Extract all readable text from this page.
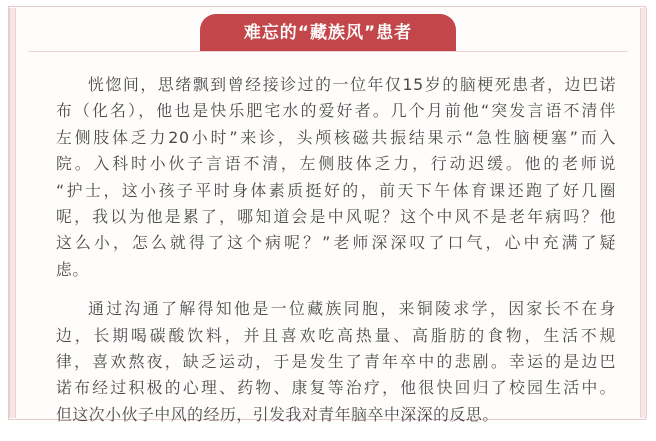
难忘的“藏族风”患者
恍惚间，思绪飘到曾经接诊过的一位年仅15岁的脑梗死患者，边巴诺
布（化名），他也是快乐肥宅水的爱好者。几个月前他“突发言语不清伴
左侧肢体乏力20小时”来诊，头颅核磁共振结果示“急性脑梗塞”而入
院。入科时小伙子言语不清，左侧肢体乏力，行动迟缓。他的老师说
“护士，这小孩子平时身体素质挺好的，前天下午体育课还跑了好几圈
呢，我以为他是累了，哪知道会是中风呢？这个中风不是老年病吗？他
这么小，怎么就得了这个病呢？”老师深深叹了口气，心中充满了疑
虑。
通过沟通了解得知他是一位藏族同胞，来铜陵求学，因家长不在身
边，长期喝碳酸饮料，并且喜欢吃高热量、高脂肪的食物，生活不规
律，喜欢熬夜，缺乏运动，于是发生了青年卒中的悲剧。幸运的是边巴
诺布经过积极的心理、药物、康复等治疗，他很快回归了校园生活中。
但这次小伙子中风的经历，引发我对青年脑卒中深深的反思。
